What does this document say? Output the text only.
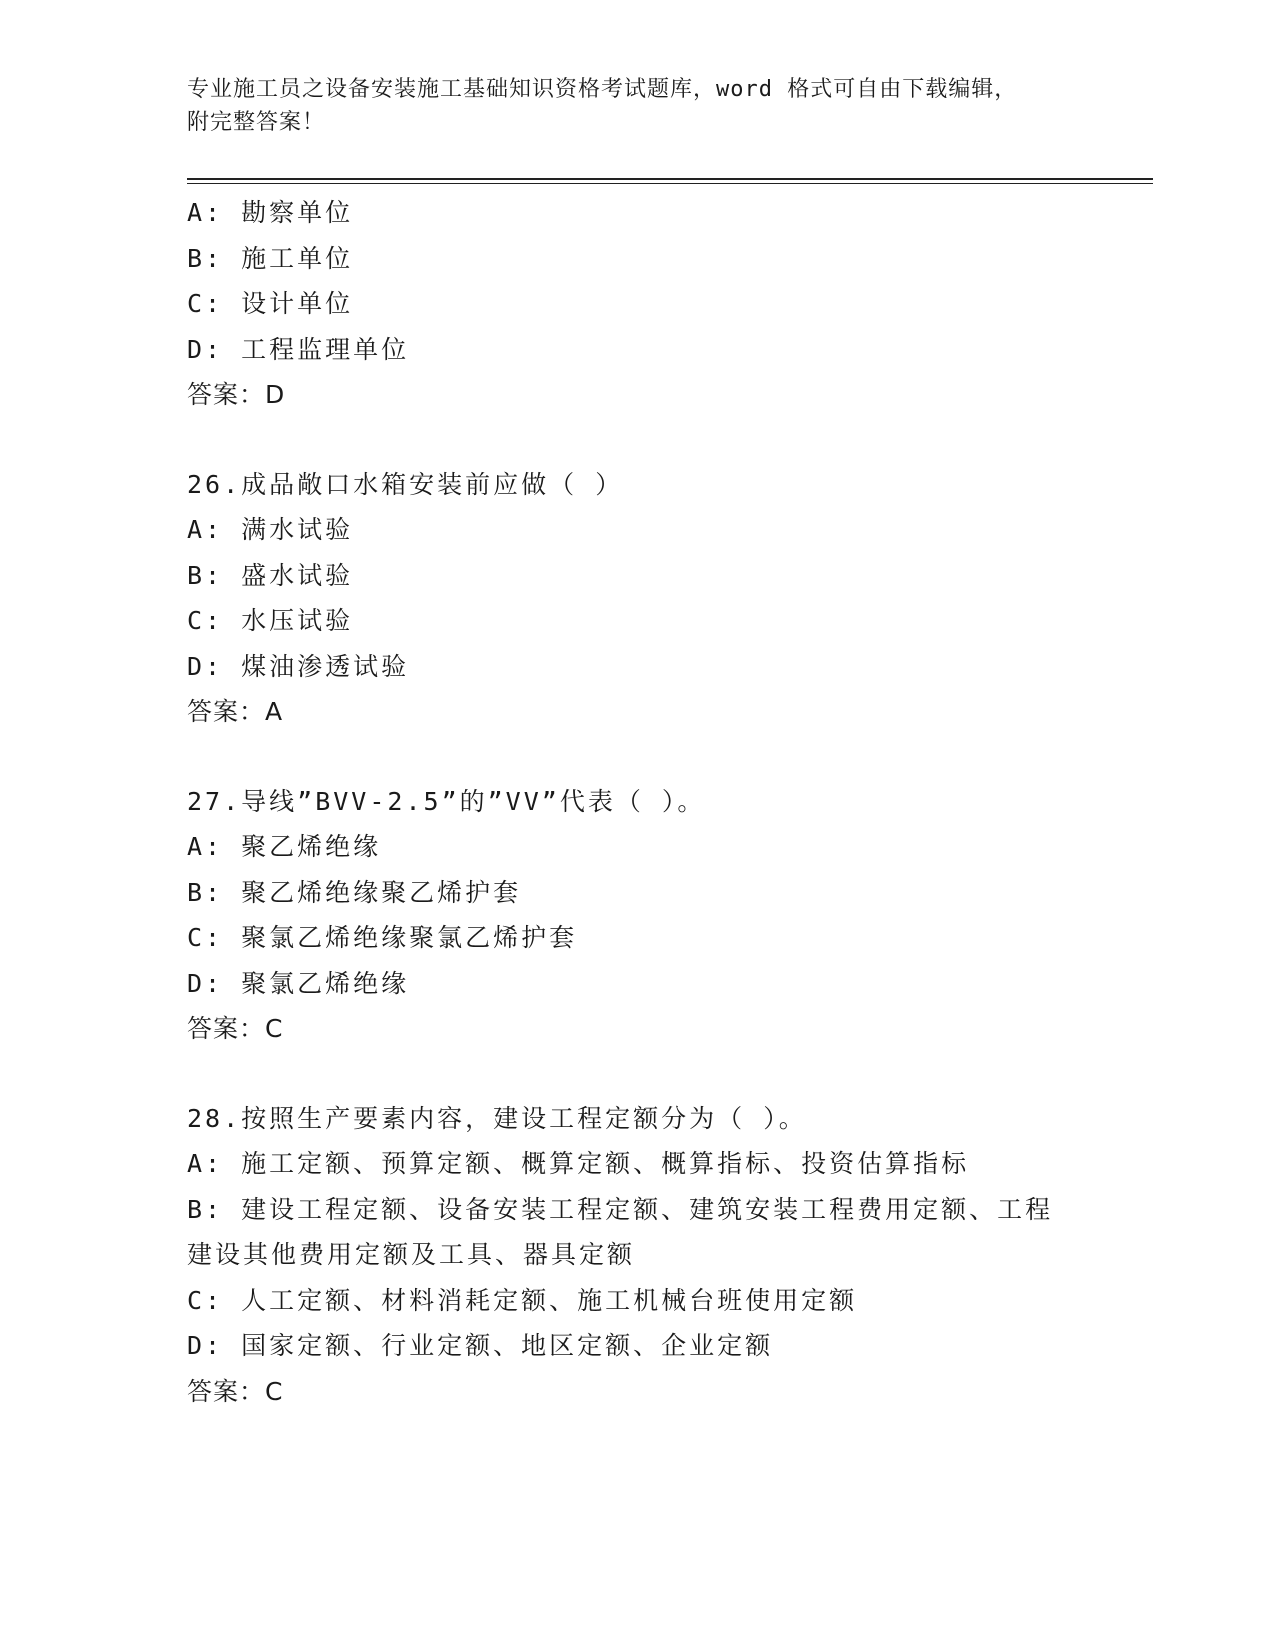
专业施工员之设备安装施工基础知识资格考试题库，word 格式可自由下载编辑，
附完整答案！
A: 勘察单位
B: 施工单位
C: 设计单位
D: 工程监理单位
答案：D
26.成品敞口水箱安装前应做（ ）
A: 满水试验
B: 盛水试验
C: 水压试验
D: 煤油渗透试验
答案：A
27.导线”BVV-2.5”的”VV”代表（ ）。
A: 聚乙烯绝缘
B: 聚乙烯绝缘聚乙烯护套
C: 聚氯乙烯绝缘聚氯乙烯护套
D: 聚氯乙烯绝缘
答案：C
28.按照生产要素内容，建设工程定额分为（ ）。
A: 施工定额、预算定额、概算定额、概算指标、投资估算指标
B: 建设工程定额、设备安装工程定额、建筑安装工程费用定额、工程
建设其他费用定额及工具、器具定额
C: 人工定额、材料消耗定额、施工机械台班使用定额
D: 国家定额、行业定额、地区定额、企业定额
答案：C
